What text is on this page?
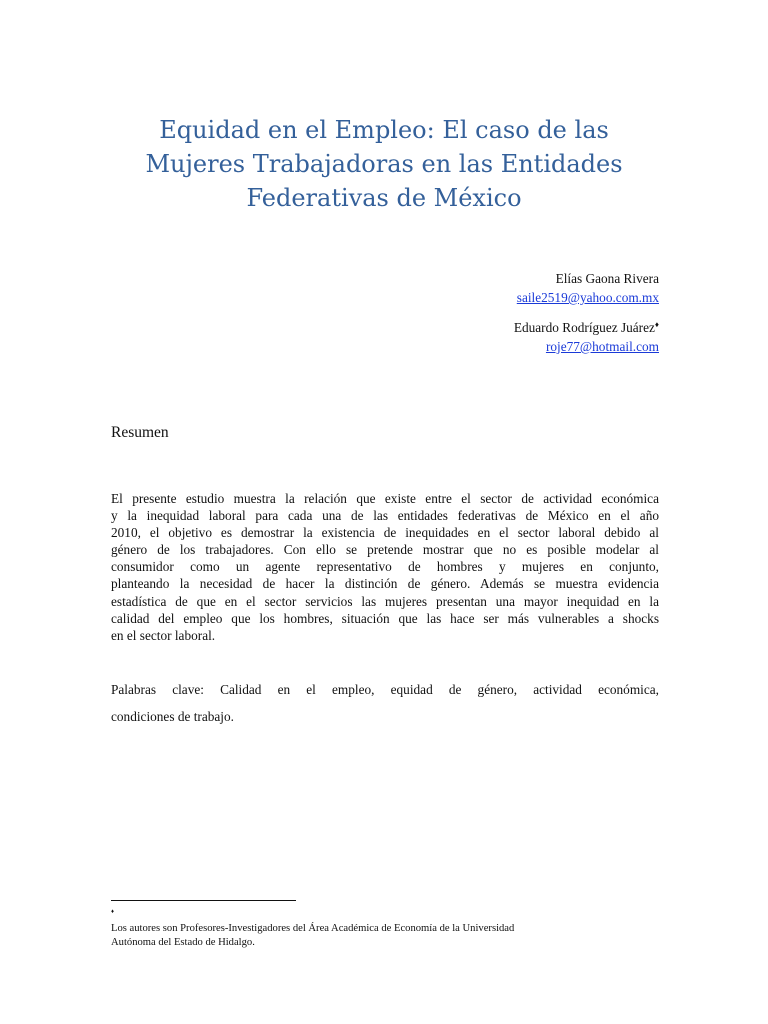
Equidad en el Empleo: El caso de las
Mujeres Trabajadoras en las Entidades
Federativas de México
Elías Gaona Rivera
saile2519@yahoo.com.mx
Eduardo Rodríguez Juárez♦
roje77@hotmail.com
Resumen

El presente estudio muestra la relación que existe entre el sector de actividad económica
y la inequidad laboral para cada una de las entidades federativas de México en el año
2010, el objetivo es demostrar la existencia de inequidades en el sector laboral debido al
género de los trabajadores. Con ello se pretende mostrar que no es posible modelar al
consumidor como un agente representativo de hombres y mujeres en conjunto,
planteando la necesidad de hacer la distinción de género. Además se muestra evidencia
estadística de que en el sector servicios las mujeres presentan una mayor inequidad en la
calidad del empleo que los hombres, situación que las hace ser más vulnerables a shocks
en el sector laboral.

Palabras clave: Calidad en el empleo, equidad de género, actividad económica,
condiciones de trabajo.

♦
Los autores son Profesores-Investigadores del Área Académica de Economía de la Universidad
Autónoma del Estado de Hidalgo.
